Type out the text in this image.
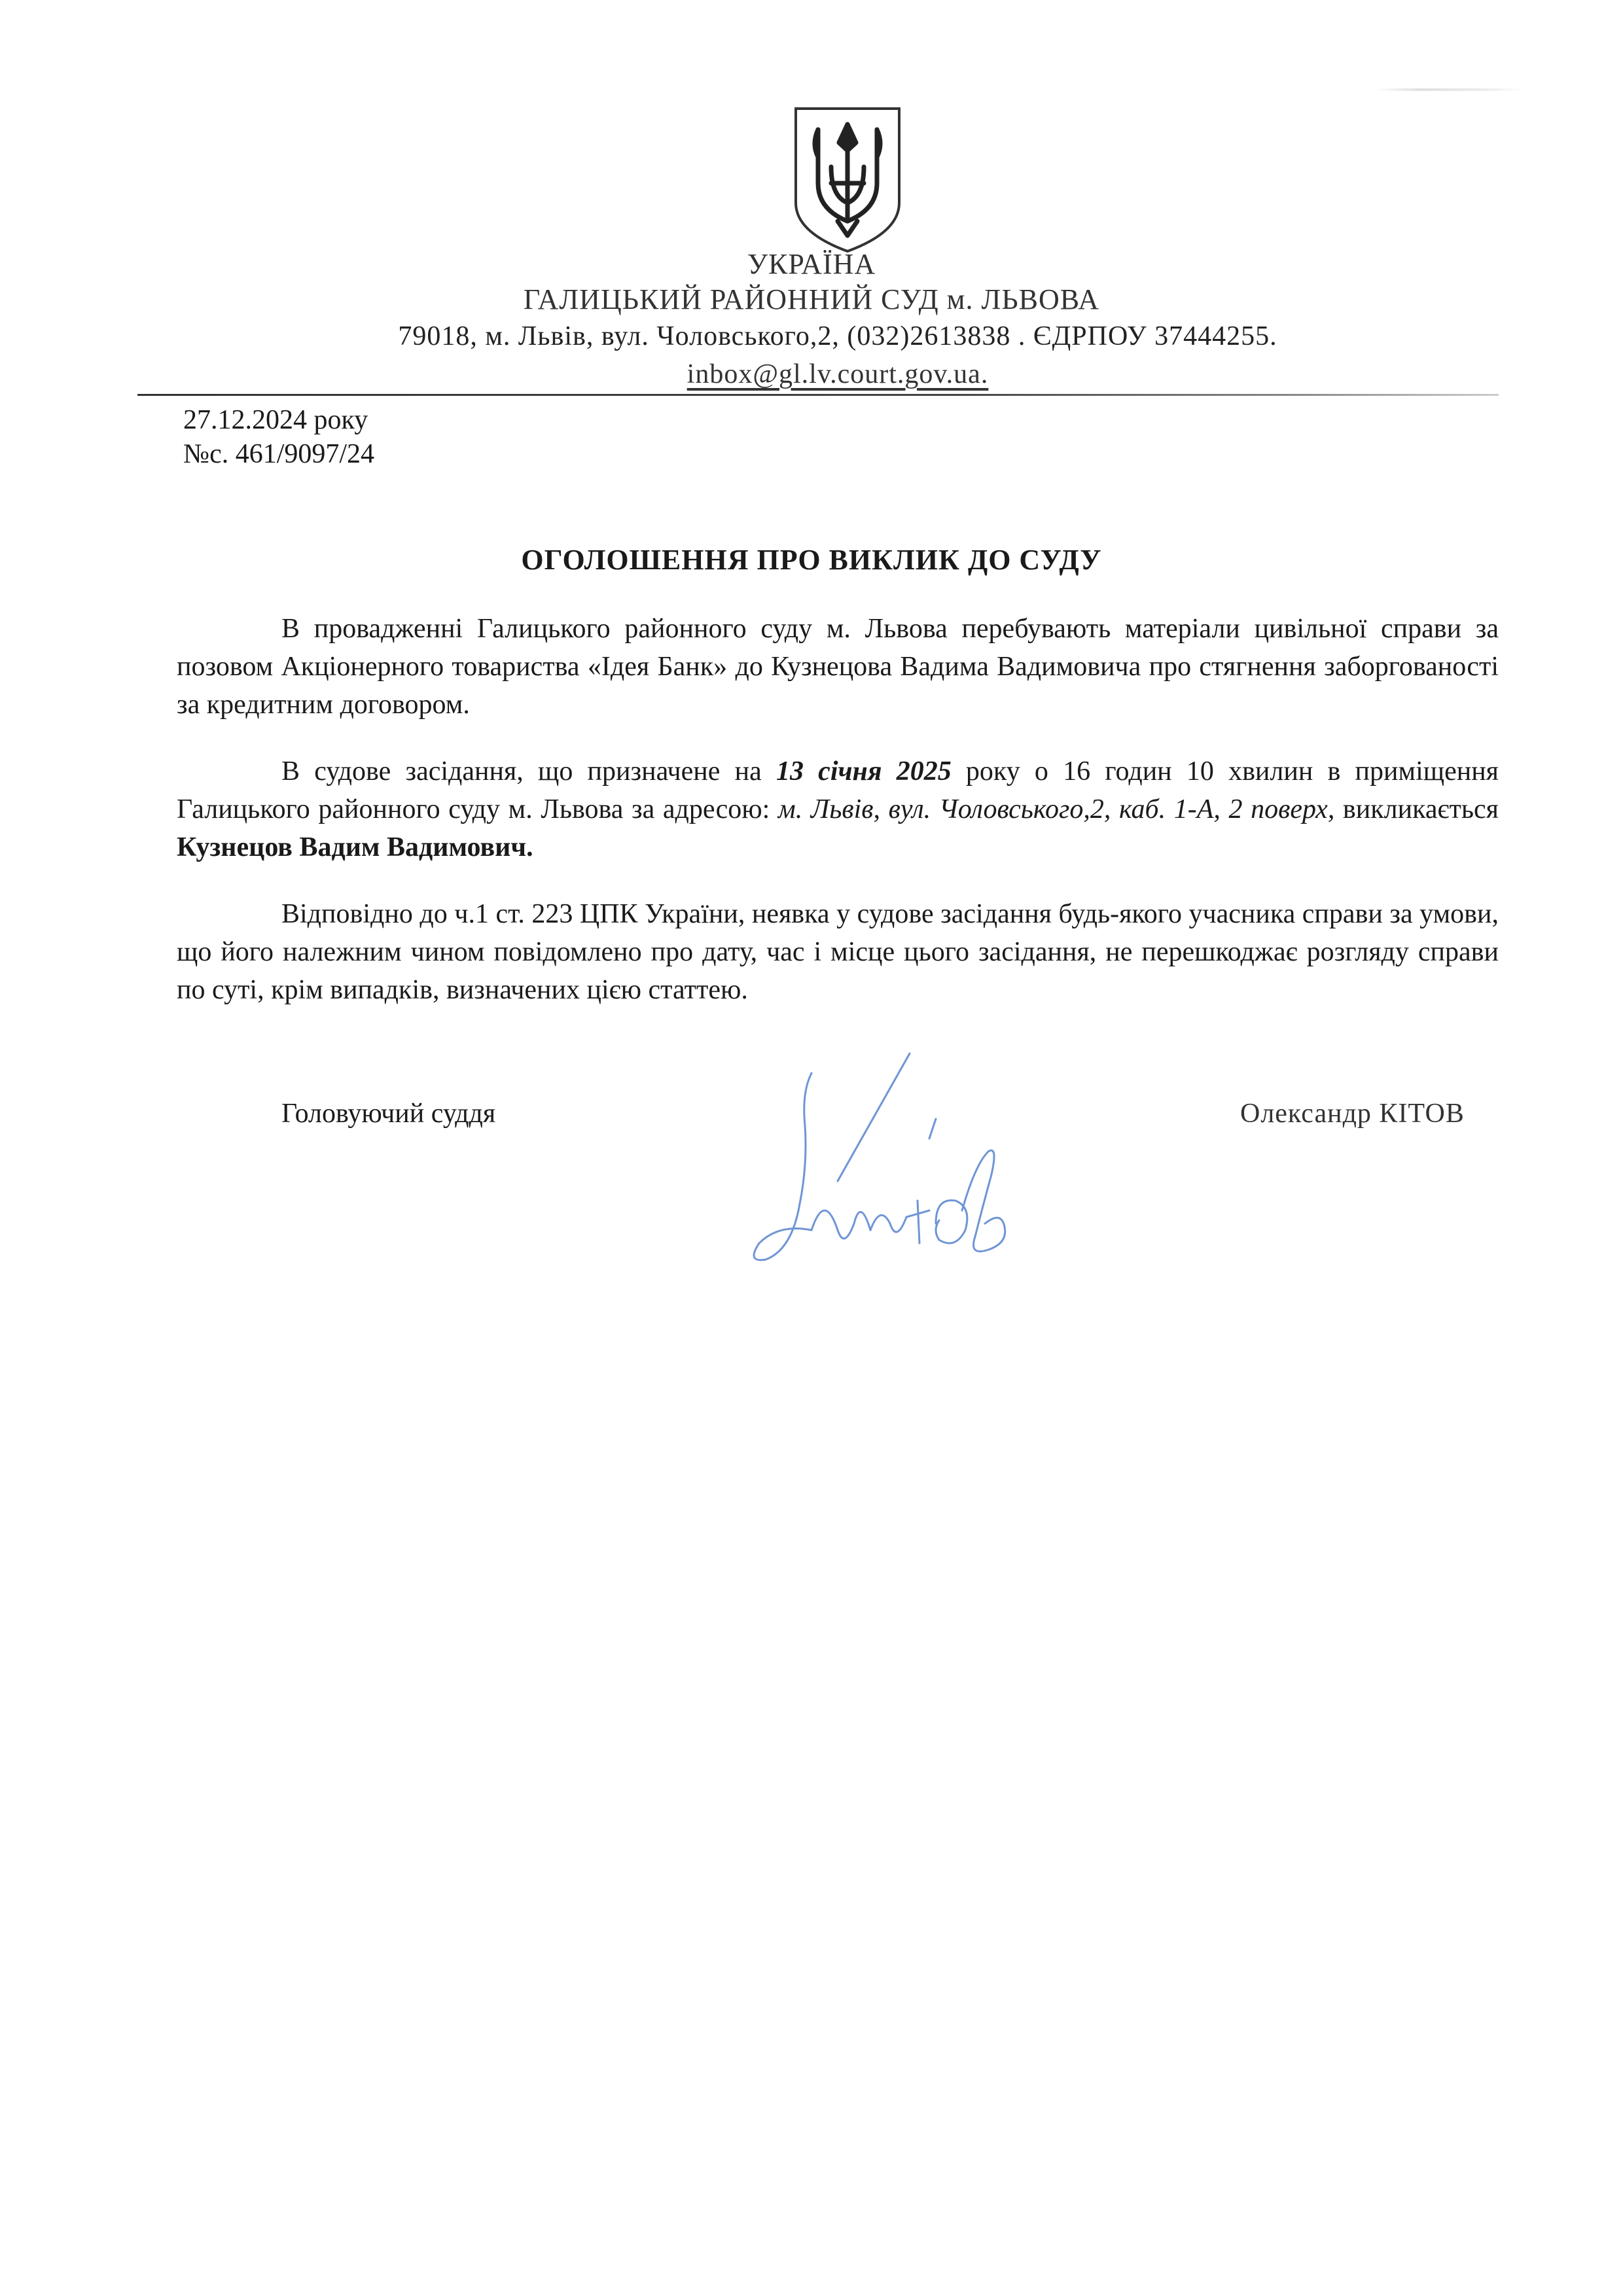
УКРАЇНА
ГАЛИЦЬКИЙ РАЙОННИЙ СУД м. ЛЬВОВА
79018, м. Львів, вул. Чоловського,2, (032)2613838 . ЄДРПОУ 37444255.
inbox@gl.lv.court.gov.ua.
27.12.2024 року
№с. 461/9097/24
ОГОЛОШЕННЯ ПРО ВИКЛИК ДО СУДУ
В провадженні Галицького районного суду м. Львова перебувають матеріали цивільної справи за позовом Акціонерного товариства «Ідея Банк» до Кузнецова Вадима Вадимовича про стягнення заборгованості за кредитним договором.
В судове засідання, що призначене на 13 січня 2025 року о 16 годин 10 хвилин в приміщення Галицького районного суду м. Львова за адресою: м. Львів, вул. Чоловського,2, каб. 1-А, 2 поверх, викликається Кузнецов Вадим Вадимович.
Відповідно до ч.1 ст. 223 ЦПК України, неявка у судове засідання будь-якого учасника справи за умови, що його належним чином повідомлено про дату, час і місце цього засідання, не перешкоджає розгляду справи по суті, крім випадків, визначених цією статтею.
Головуючий суддя	Олександр КІТОВ
